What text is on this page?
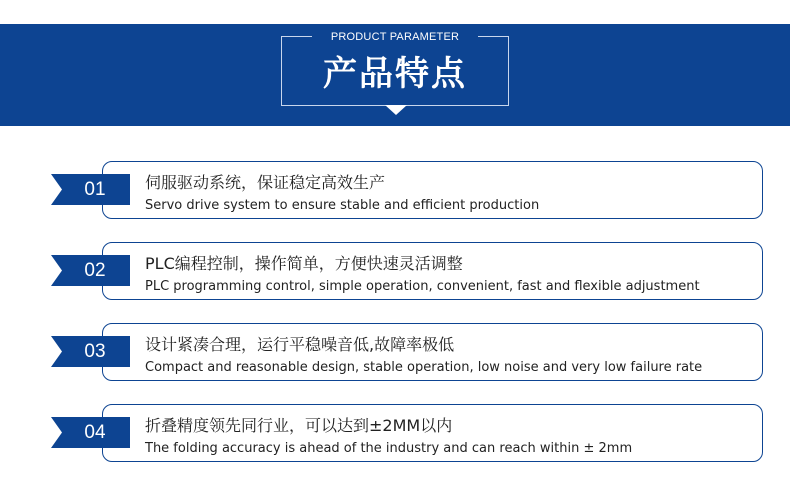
PRODUCT PARAMETER
产品特点
01	伺服驱动系统，保证稳定高效生产
Servo drive system to ensure stable and efficient production
02	PLC编程控制，操作简单，方便快速灵活调整
PLC programming control, simple operation, convenient, fast and flexible adjustment
03	设计紧凑合理，运行平稳噪音低,故障率极低
Compact and reasonable design, stable operation, low noise and very low failure rate
04	折叠精度领先同行业，可以达到±2MM以内
The folding accuracy is ahead of the industry and can reach within ± 2mm
